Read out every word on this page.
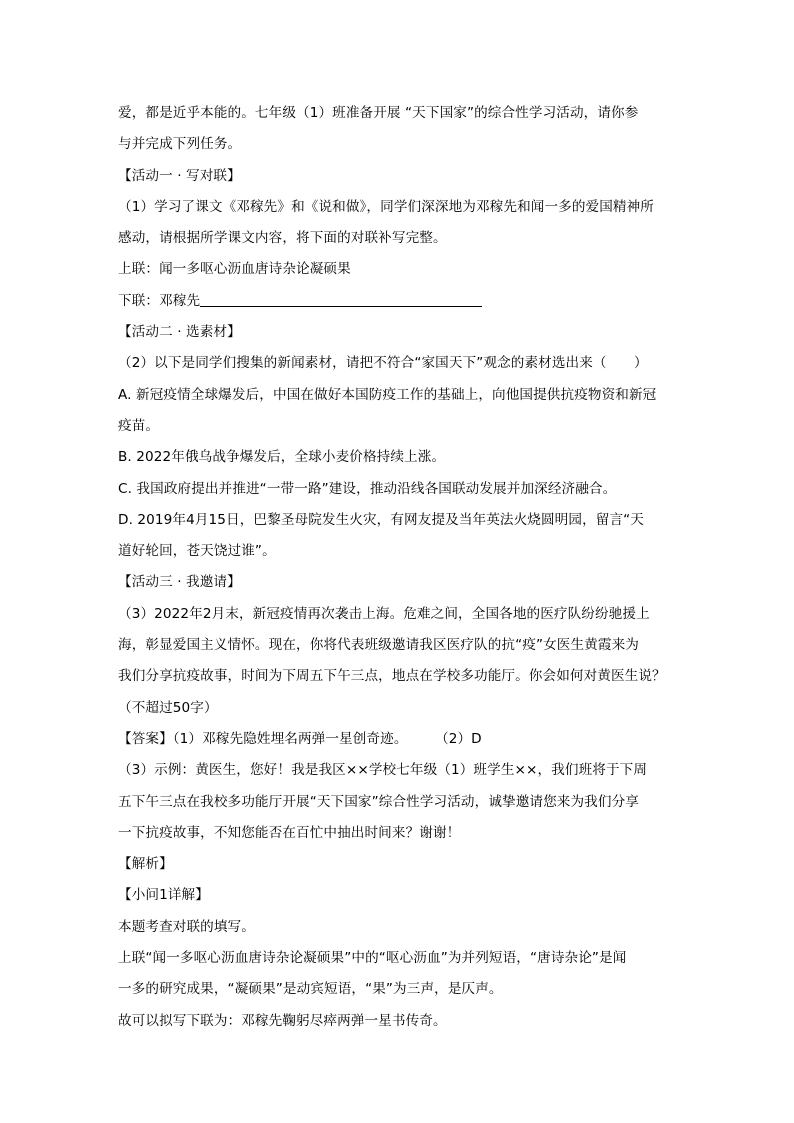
爱，都是近乎本能的。七年级（1）班准备开展 “天下国家”的综合性学习活动，请你参
与并完成下列任务。
【活动一 · 写对联】
（1）学习了课文《邓稼先》和《说和做》，同学们深深地为邓稼先和闻一多的爱国精神所
感动，请根据所学课文内容，将下面的对联补写完整。
上联：闻一多呕心沥血唐诗杂论凝硕果
下联：邓稼先
【活动二 · 选素材】
（2）以下是同学们搜集的新闻素材，请把不符合“家国天下”观念的素材选出来（　　）
A. 新冠疫情全球爆发后，中国在做好本国防疫工作的基础上，向他国提供抗疫物资和新冠
疫苗。
B. 2022年俄乌战争爆发后，全球小麦价格持续上涨。
C. 我国政府提出并推进“一带一路”建设，推动沿线各国联动发展并加深经济融合。
D. 2019年4月15日，巴黎圣母院发生火灾，有网友提及当年英法火烧圆明园，留言“天
道好轮回，苍天饶过谁”。
【活动三 · 我邀请】
（3）2022年2月末，新冠疫情再次袭击上海。危难之间，全国各地的医疗队纷纷驰援上
海，彰显爱国主义情怀。现在，你将代表班级邀请我区医疗队的抗“疫”女医生黄霞来为
我们分享抗疫故事，时间为下周五下午三点，地点在学校多功能厅。你会如何对黄医生说？
（不超过50字）
【答案】（1）邓稼先隐姓埋名两弹一星创奇迹。　　　（2）D
（3）示例：黄医生，您好！我是我区××学校七年级（1）班学生××，我们班将于下周
五下午三点在我校多功能厅开展“天下国家”综合性学习活动，诚挚邀请您来为我们分享
一下抗疫故事，不知您能否在百忙中抽出时间来？谢谢！
【解析】
【小问1详解】
本题考查对联的填写。
上联“闻一多呕心沥血唐诗杂论凝硕果”中的“呕心沥血”为并列短语，“唐诗杂论”是闻
一多的研究成果，“凝硕果”是动宾短语，“果”为三声，是仄声。
故可以拟写下联为：邓稼先鞠躬尽瘁两弹一星书传奇。
